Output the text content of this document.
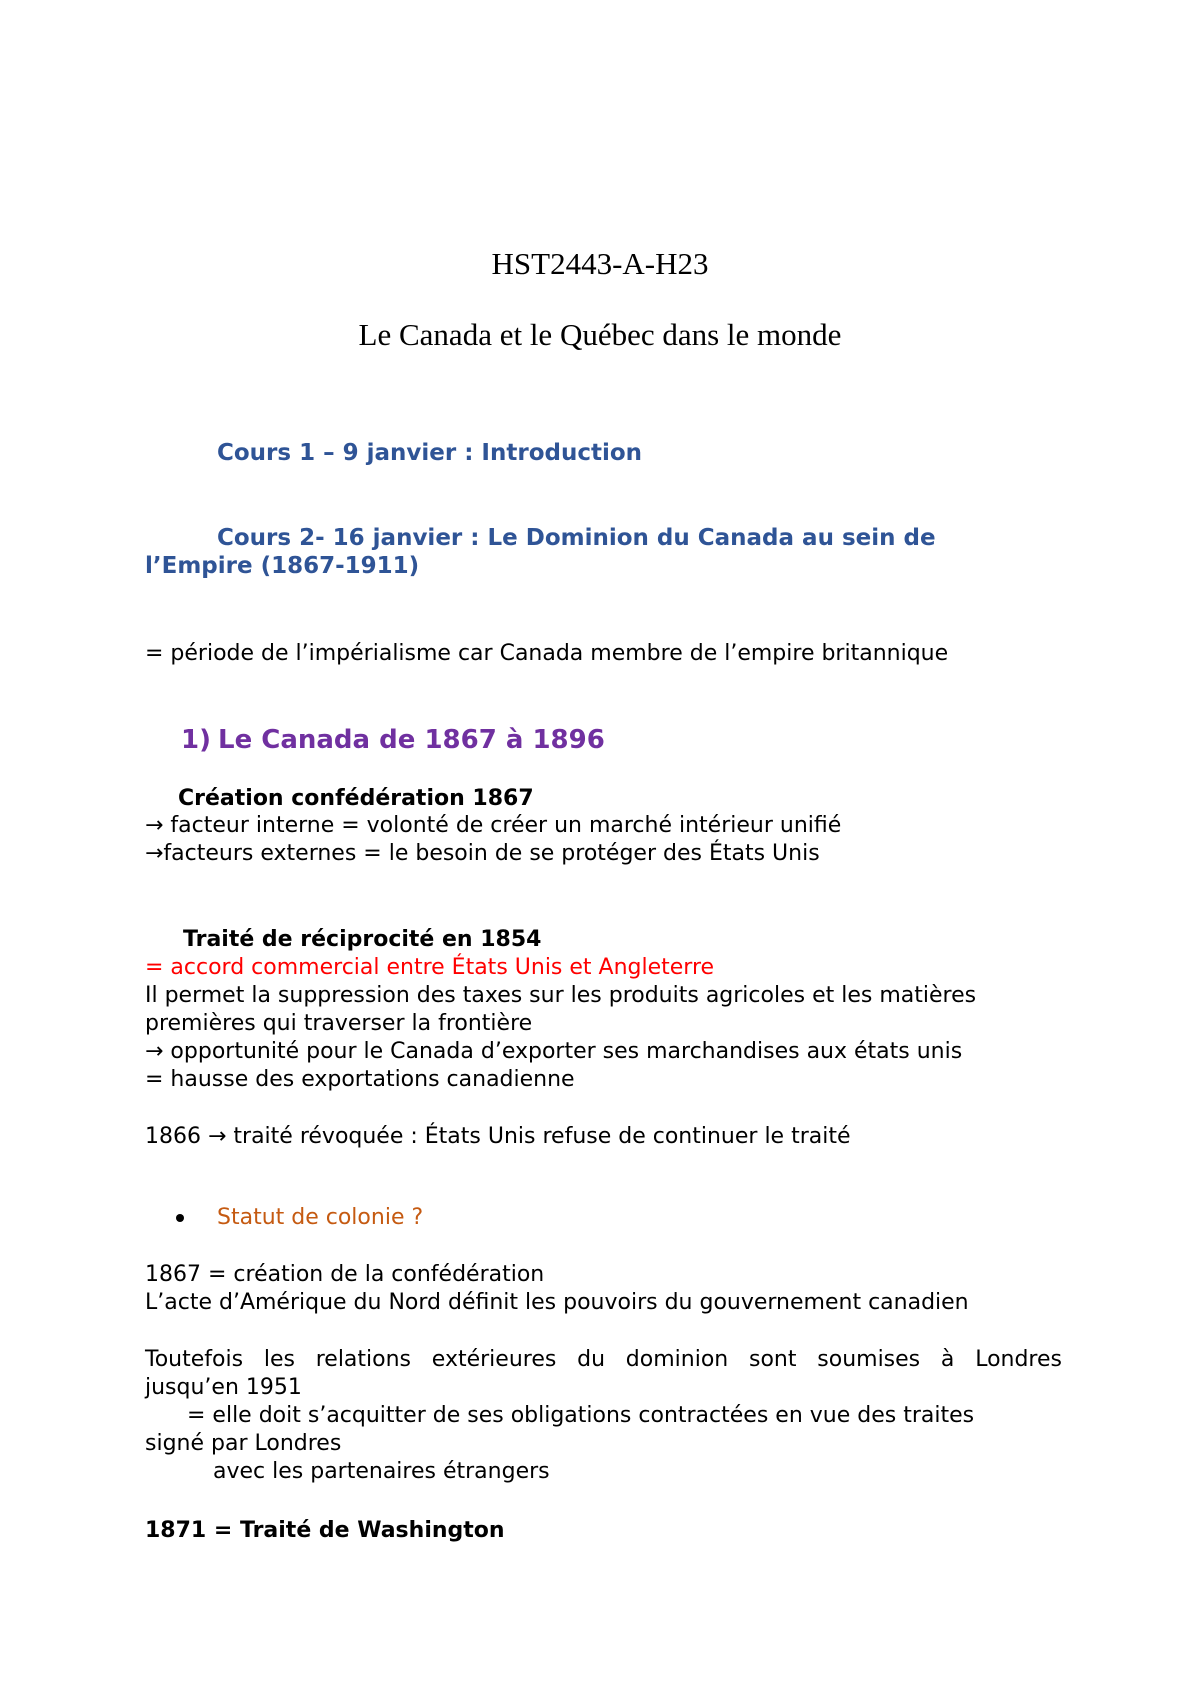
HST2443-A-H23
Le Canada et le Québec dans le monde
Cours 1 – 9 janvier : Introduction
Cours 2- 16 janvier : Le Dominion du Canada au sein de
l’Empire (1867-1911)
= période de l’impérialisme car Canada membre de l’empire britannique
1) Le Canada de 1867 à 1896
Création confédération 1867
→ facteur interne = volonté de créer un marché intérieur unifié
→facteurs externes = le besoin de se protéger des États Unis
Traité de réciprocité en 1854
= accord commercial entre États Unis et Angleterre
Il permet la suppression des taxes sur les produits agricoles et les matières
premières qui traverser la frontière
→ opportunité pour le Canada d’exporter ses marchandises aux états unis
= hausse des exportations canadienne
1866 → traité révoquée : États Unis refuse de continuer le traité
Statut de colonie ?
1867 = création de la confédération
L’acte d’Amérique du Nord définit les pouvoirs du gouvernement canadien
Toutefois les relations extérieures du dominion sont soumises à Londres
jusqu’en 1951
= elle doit s’acquitter de ses obligations contractées en vue des traites
signé par Londres
avec les partenaires étrangers
1871 = Traité de Washington
